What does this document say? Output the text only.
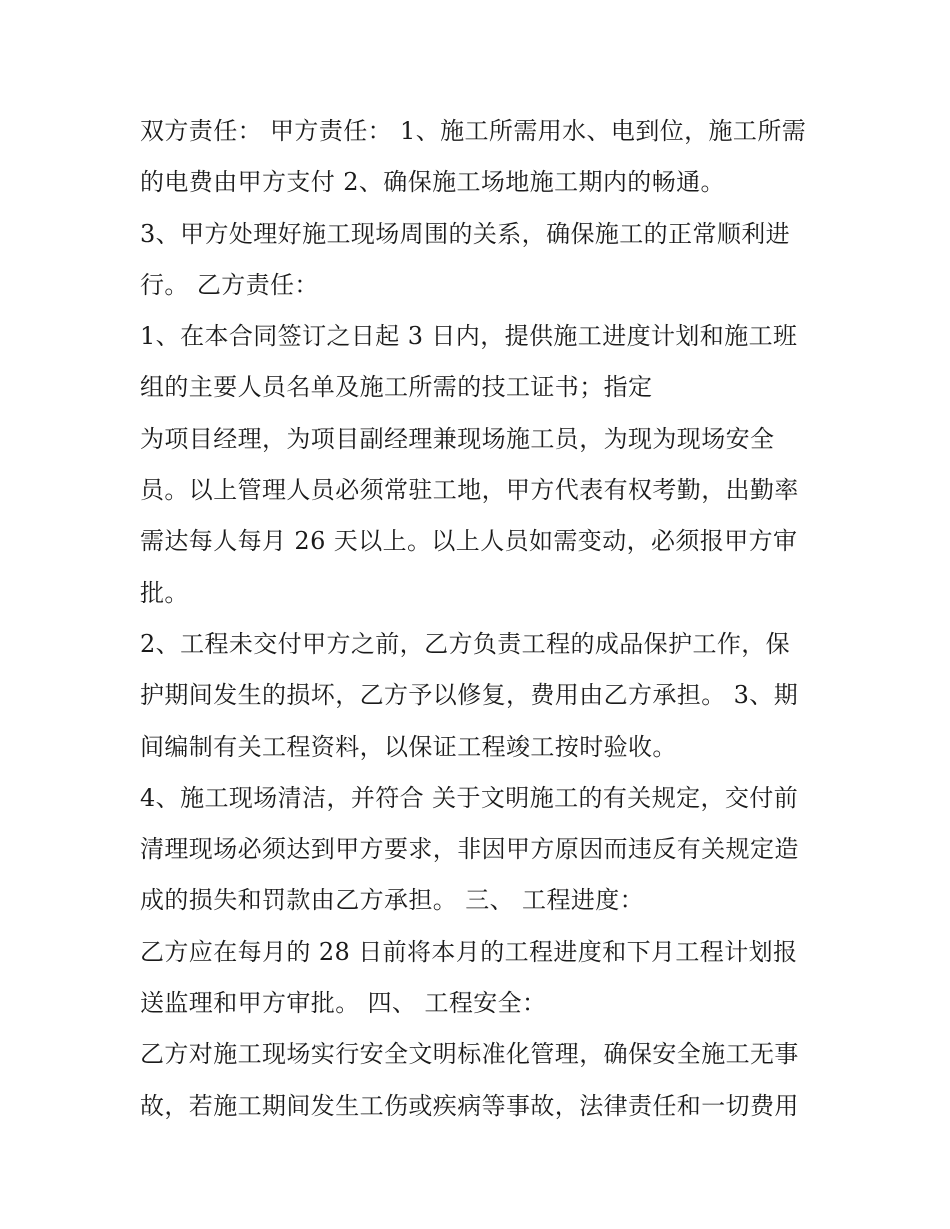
双方责任： 甲方责任： 1、施工所需用水、电到位，施工所需
的电费由甲方支付 2、确保施工场地施工期内的畅通。
3、甲方处理好施工现场周围的关系，确保施工的正常顺利进
行。 乙方责任：
1、在本合同签订之日起 3 日内，提供施工进度计划和施工班
组的主要人员名单及施工所需的技工证书；指定
为项目经理，为项目副经理兼现场施工员，为现为现场安全
员。以上管理人员必须常驻工地，甲方代表有权考勤，出勤率
需达每人每月 26 天以上。以上人员如需变动，必须报甲方审
批。
2、工程未交付甲方之前，乙方负责工程的成品保护工作，保
护期间发生的损坏，乙方予以修复，费用由乙方承担。 3、期
间编制有关工程资料，以保证工程竣工按时验收。
4、施工现场清洁，并符合 关于文明施工的有关规定，交付前
清理现场必须达到甲方要求，非因甲方原因而违反有关规定造
成的损失和罚款由乙方承担。 三、 工程进度：
乙方应在每月的 28 日前将本月的工程进度和下月工程计划报
送监理和甲方审批。 四、 工程安全：
乙方对施工现场实行安全文明标准化管理，确保安全施工无事
故，若施工期间发生工伤或疾病等事故，法律责任和一切费用
